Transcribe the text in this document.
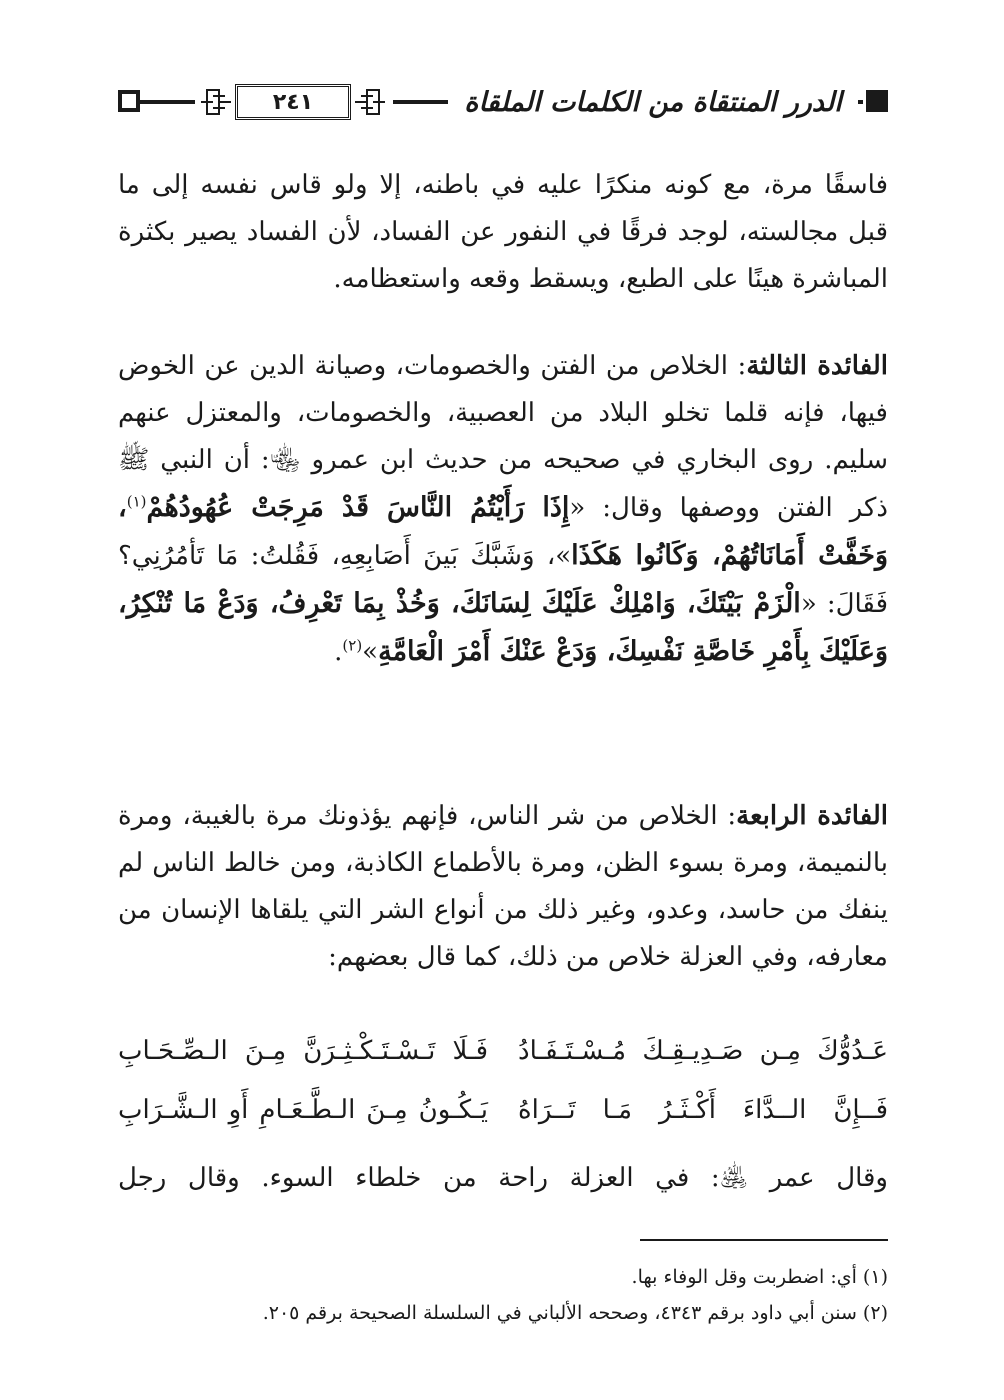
٢٤١	الدرر المنتقاة من الكلمات الملقاة

فاسقًا مرة، مع كونه منكرًا عليه في باطنه، إلا ولو قاس نفسه إلى ما قبل مجالسته، لوجد فرقًا في النفور عن الفساد، لأن الفساد يصير بكثرة المباشرة هينًا على الطبع، ويسقط وقعه واستعظامه.

الفائدة الثالثة: الخلاص من الفتن والخصومات، وصيانة الدين عن الخوض فيها، فإنه قلما تخلو البلاد من العصبية، والخصومات، والمعتزل عنهم سليم. روى البخاري في صحيحه من حديث ابن عمرو ﵄: أن النبي ﷺ ذكر الفتن ووصفها وقال: «إِذَا رَأَيْتُمُ النَّاسَ قَدْ مَرِجَتْ عُهُودُهُمْ$^{(١)}$، وَخَفَّتْ أَمَانَاتُهُمْ، وَكَانُوا هَكَذَا»، وَشَبَّكَ بَينَ أَصَابِعِهِ، فَقُلتُ: مَا تَأمُرُنِي؟ فَقَالَ: «الْزَمْ بَيْتَكَ، وَامْلِكْ عَلَيْكَ لِسَانَكَ، وَخُذْ بِمَا تَعْرِفُ، وَدَعْ مَا تُنْكِرُ، وَعَلَيْكَ بِأَمْرِ خَاصَّةِ نَفْسِكَ، وَدَعْ عَنْكَ أَمْرَ الْعَامَّةِ»$^{(٢)}$.

الفائدة الرابعة: الخلاص من شر الناس، فإنهم يؤذونك مرة بالغيبة، ومرة بالنميمة، ومرة بسوء الظن، ومرة بالأطماع الكاذبة، ومن خالط الناس لم ينفك من حاسد، وعدو، وغير ذلك من أنواع الشر التي يلقاها الإنسان من معارفه، وفي العزلة خلاص من ذلك، كما قال بعضهم:

عَـدُوُّكَ مِـن صَـدِيـقِـكَ مُـسْـتَـفَـادُ
فَـلَا تَـسْـتَـكْـثِـرَنَّ مِـنَ الـصِّـحَـابِ
فَــإِنَّ الــدَّاءَ أَكْـثَـرُ مَـا تَــرَاهُ
يَـكُـونُ مِـنَ الـطَّـعَـامِ أَوِ الـشَّـرَابِ

وقال عمر ﵁: في العزلة راحة من خلطاء السوء. وقال رجل

(١) أي: اضطربت وقل الوفاء بها.
(٢) سنن أبي داود برقم ٤٣٤٣، وصححه الألباني في السلسلة الصحيحة برقم ٢٠٥.
